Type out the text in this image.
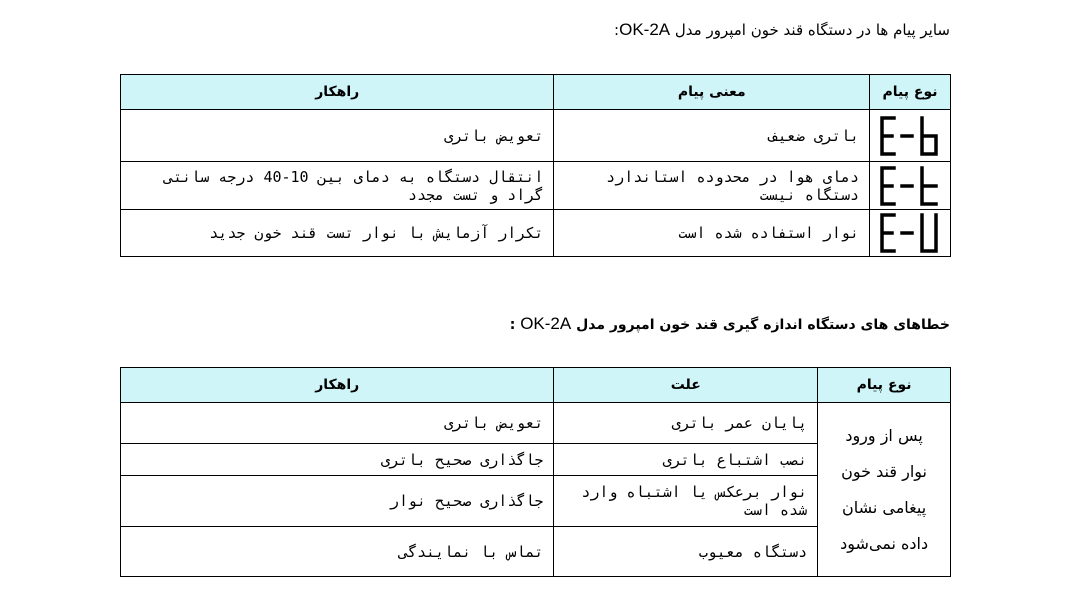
سایر پیام ها در دستگاه قند خون امپرور مدل OK-2A:
نوع پیام	معنی پیام	راهکار

	باتری ضعیف	تعویض باتری

	دمای هوا در محدوده استاندارد دستگاه نیست	انتقال دستگاه به دمای بین 10-40 درجه سانتی گراد و تست مجدد

	نوار استفاده شده است	تکرار آزمایش با نوار تست قند خون جدید
خطاهای های دستگاه اندازه گیری قند خون امپرور مدل OK-2A :
نوع پیام	علت	راهکار

پس از ورود
نوار قند خون
پیغامی نشان
داده نمی‌شود	پایان عمر باتری	تعویض باتری
	نصب اشتباع باتری	جاگذاری صحیح باتری
	نوار برعکس یا اشتباه وارد شده است	جاگذاری صحیح نوار
	دستگاه معیوب	تماس با نمایندگی
